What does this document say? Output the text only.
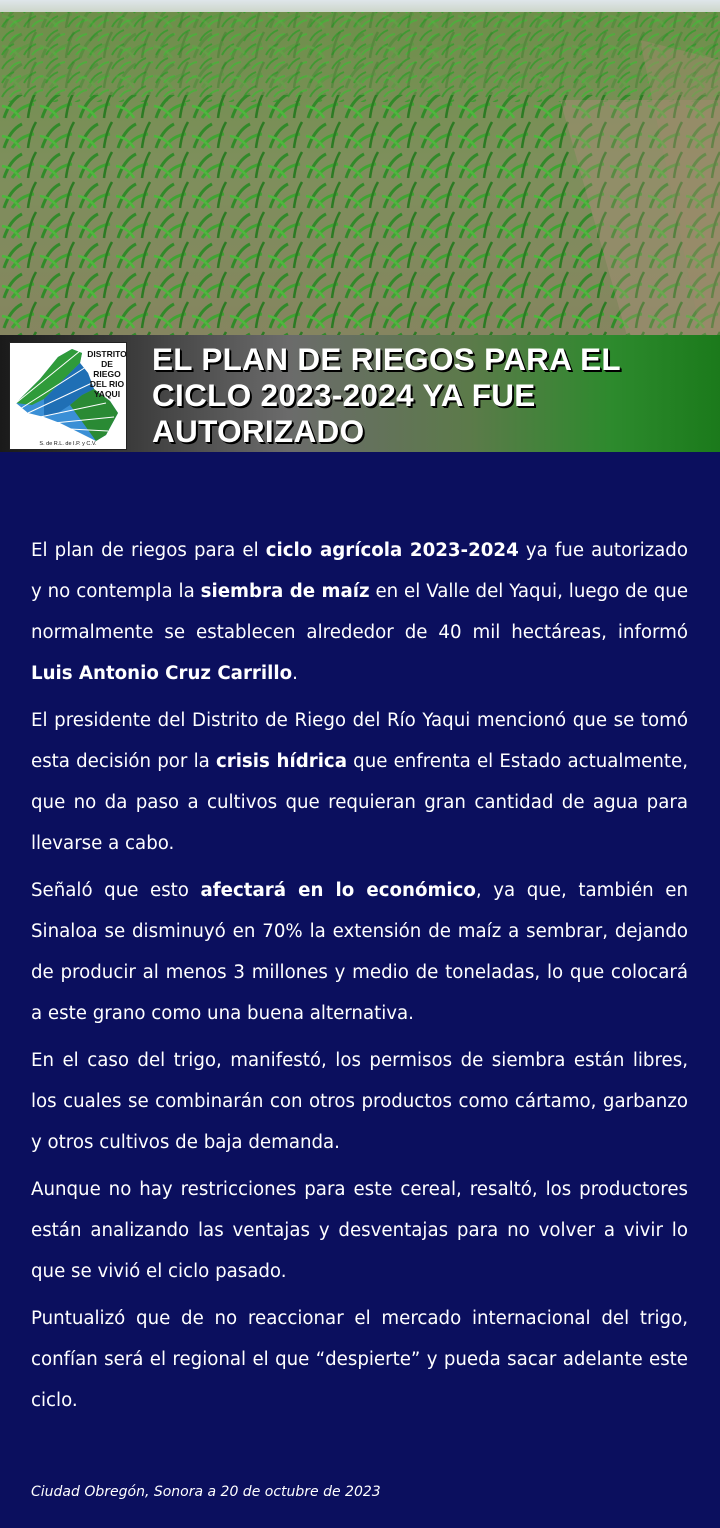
DISTRITO
DE RIEGO
DEL RIO
YAQUI
S. de R.L. de I.P. y C.V.
EL PLAN DE RIEGOS PARA EL
CICLO 2023-2024 YA FUE
AUTORIZADO

El plan de riegos para el ciclo agrícola 2023-2024 ya fue autorizado y no contempla la siembra de maíz en el Valle del Yaqui, luego de que normalmente se establecen alrededor de 40 mil hectáreas, informó Luis Antonio Cruz Carrillo.

El presidente del Distrito de Riego del Río Yaqui mencionó que se tomó esta decisión por la crisis hídrica que enfrenta el Estado actualmente, que no da paso a cultivos que requieran gran cantidad de agua para llevarse a cabo.

Señaló que esto afectará en lo económico, ya que, también en Sinaloa se disminuyó en 70% la extensión de maíz a sembrar, dejando de producir al menos 3 millones y medio de toneladas, lo que colocará a este grano como una buena alternativa.

En el caso del trigo, manifestó, los permisos de siembra están libres, los cuales se combinarán con otros productos como cártamo, garbanzo y otros cultivos de baja demanda.

Aunque no hay restricciones para este cereal, resaltó, los productores están analizando las ventajas y desventajas para no volver a vivir lo que se vivió el ciclo pasado.

Puntualizó que de no reaccionar el mercado internacional del trigo, confían será el regional el que “despierte” y pueda sacar adelante este ciclo.

Ciudad Obregón, Sonora a 20 de octubre de 2023
